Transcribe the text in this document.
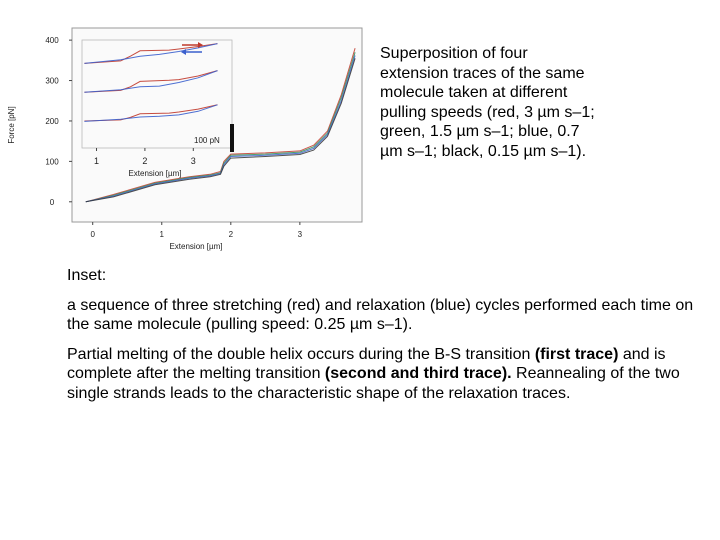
0
100
200
300
400
0	1	2	3
Extension [µm]
Force [pN]
1	2	3
Extension [µm]
100 pN

Superposition of four

extension traces of the same

molecule taken at different

pulling speeds (red, 3 µm s–1;

green, 1.5 µm s–1; blue, 0.7

µm s–1; black, 0.15 µm s–1).

Inset:

a sequence of three stretching (red) and relaxation (blue) cycles performed each time on the same molecule (pulling speed: 0.25 µm s–1).

Partial melting of the double helix occurs during the B-S transition (first trace) and is complete after the melting transition (second and third trace). Reannealing of the two single strands leads to the characteristic shape of the relaxation traces.
